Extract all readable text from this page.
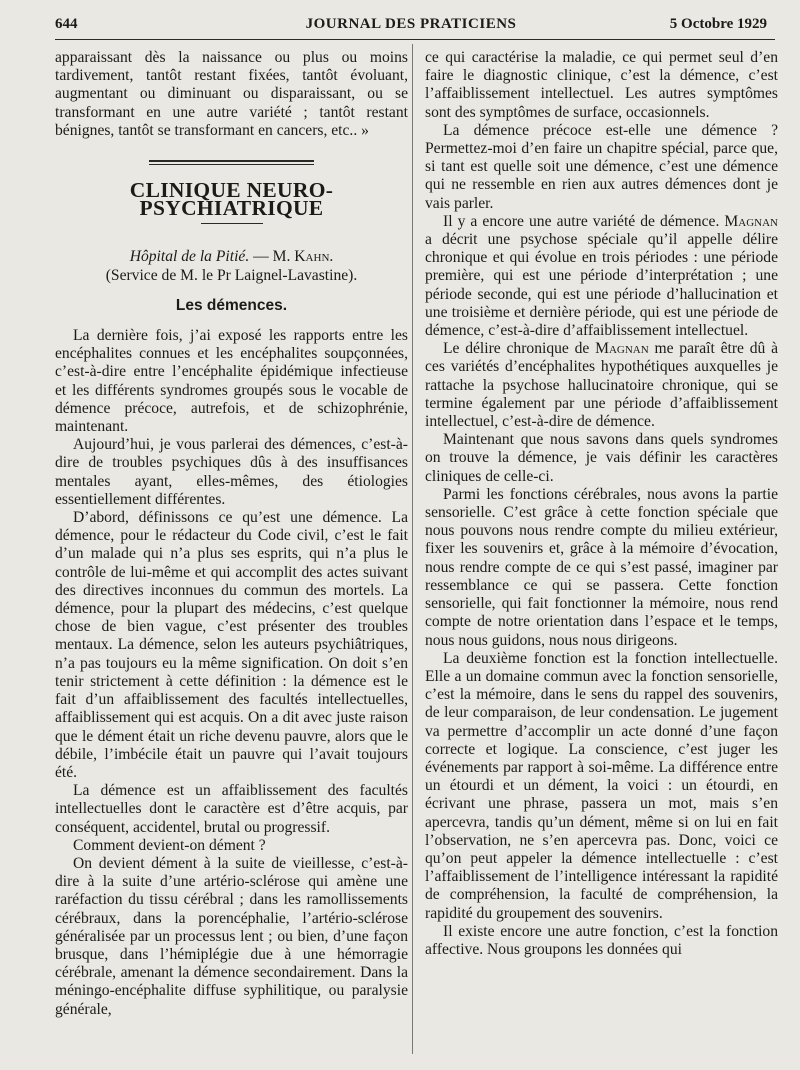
644	JOURNAL DES PRATICIENS	5 Octobre 1929

apparaissant dès la naissance ou plus ou moins tardivement, tantôt restant fixées, tantôt évoluant, augmentant ou diminuant ou disparaissant, ou se transformant en une autre variété ; tantôt restant bénignes, tantôt se transformant en cancers, etc.. »

CLINIQUE NEURO-PSYCHIATRIQUE
Hôpital de la Pitié. — M. Kahn.
(Service de M. le Pr Laignel-Lavastine).
Les démences.

La dernière fois, j’ai exposé les rapports entre les encéphalites connues et les encéphalites soupçonnées, c’est-à-dire entre l’encéphalite épidémique infectieuse et les différents syndromes groupés sous le vocable de démence précoce, autrefois, et de schizophrénie, maintenant.

Aujourd’hui, je vous parlerai des démences, c’est-à-dire de troubles psychiques dûs à des insuffisances mentales ayant, elles-mêmes, des étiologies essentiellement différentes.

D’abord, définissons ce qu’est une démence. La démence, pour le rédacteur du Code civil, c’est le fait d’un malade qui n’a plus ses esprits, qui n’a plus le contrôle de lui-même et qui accomplit des actes suivant des directives inconnues du commun des mortels. La démence, pour la plupart des médecins, c’est quelque chose de bien vague, c’est présenter des troubles mentaux. La démence, selon les auteurs psychiâtriques, n’a pas toujours eu la même signification. On doit s’en tenir strictement à cette définition : la démence est le fait d’un affaiblissement des facultés intellectuelles, affaiblissement qui est acquis. On a dit avec juste raison que le dément était un riche devenu pauvre, alors que le débile, l’imbécile était un pauvre qui l’avait toujours été.

La démence est un affaiblissement des facultés intellectuelles dont le caractère est d’être acquis, par conséquent, accidentel, brutal ou progressif.

Comment devient-on dément ?

On devient dément à la suite de vieillesse, c’est-à-dire à la suite d’une artério-sclérose qui amène une raréfaction du tissu cérébral ; dans les ramollissements cérébraux, dans la porencéphalie, l’artério-sclérose généralisée par un processus lent ; ou bien, d’une façon brusque, dans l’hémiplégie due à une hémorragie cérébrale, amenant la démence secondairement. Dans la méningo-encéphalite diffuse syphilitique, ou paralysie générale,

ce qui caractérise la maladie, ce qui permet seul d’en faire le diagnostic clinique, c’est la démence, c’est l’affaiblissement intellectuel. Les autres symptômes sont des symptômes de surface, occasionnels.

La démence précoce est-elle une démence ? Permettez-moi d’en faire un chapitre spécial, parce que, si tant est quelle soit une démence, c’est une démence qui ne ressemble en rien aux autres démences dont je vais parler.

Il y a encore une autre variété de démence. Magnan a décrit une psychose spéciale qu’il appelle délire chronique et qui évolue en trois périodes : une période première, qui est une période d’interprétation ; une période seconde, qui est une période d’hallucination et une troisième et dernière période, qui est une période de démence, c’est-à-dire d’affaiblissement intellectuel.

Le délire chronique de Magnan me paraît être dû à ces variétés d’encéphalites hypothétiques auxquelles je rattache la psychose hallucinatoire chronique, qui se termine également par une période d’affaiblissement intellectuel, c’est-à-dire de démence.

Maintenant que nous savons dans quels syndromes on trouve la démence, je vais définir les caractères cliniques de celle-ci.

Parmi les fonctions cérébrales, nous avons la partie sensorielle. C’est grâce à cette fonction spéciale que nous pouvons nous rendre compte du milieu extérieur, fixer les souvenirs et, grâce à la mémoire d’évocation, nous rendre compte de ce qui s’est passé, imaginer par ressemblance ce qui se passera. Cette fonction sensorielle, qui fait fonctionner la mémoire, nous rend compte de notre orientation dans l’espace et le temps, nous nous guidons, nous nous dirigeons.

La deuxième fonction est la fonction intellectuelle. Elle a un domaine commun avec la fonction sensorielle, c’est la mémoire, dans le sens du rappel des souvenirs, de leur comparaison, de leur condensation. Le jugement va permettre d’accomplir un acte donné d’une façon correcte et logique. La conscience, c’est juger les événements par rapport à soi-même. La différence entre un étourdi et un dément, la voici : un étourdi, en écrivant une phrase, passera un mot, mais s’en apercevra, tandis qu’un dément, même si on lui en fait l’observation, ne s’en apercevra pas. Donc, voici ce qu’on peut appeler la démence intellectuelle : c’est l’affaiblissement de l’intelligence intéressant la rapidité de compréhension, la faculté de compréhension, la rapidité du groupement des souvenirs.

Il existe encore une autre fonction, c’est la fonction affective. Nous groupons les données qui
